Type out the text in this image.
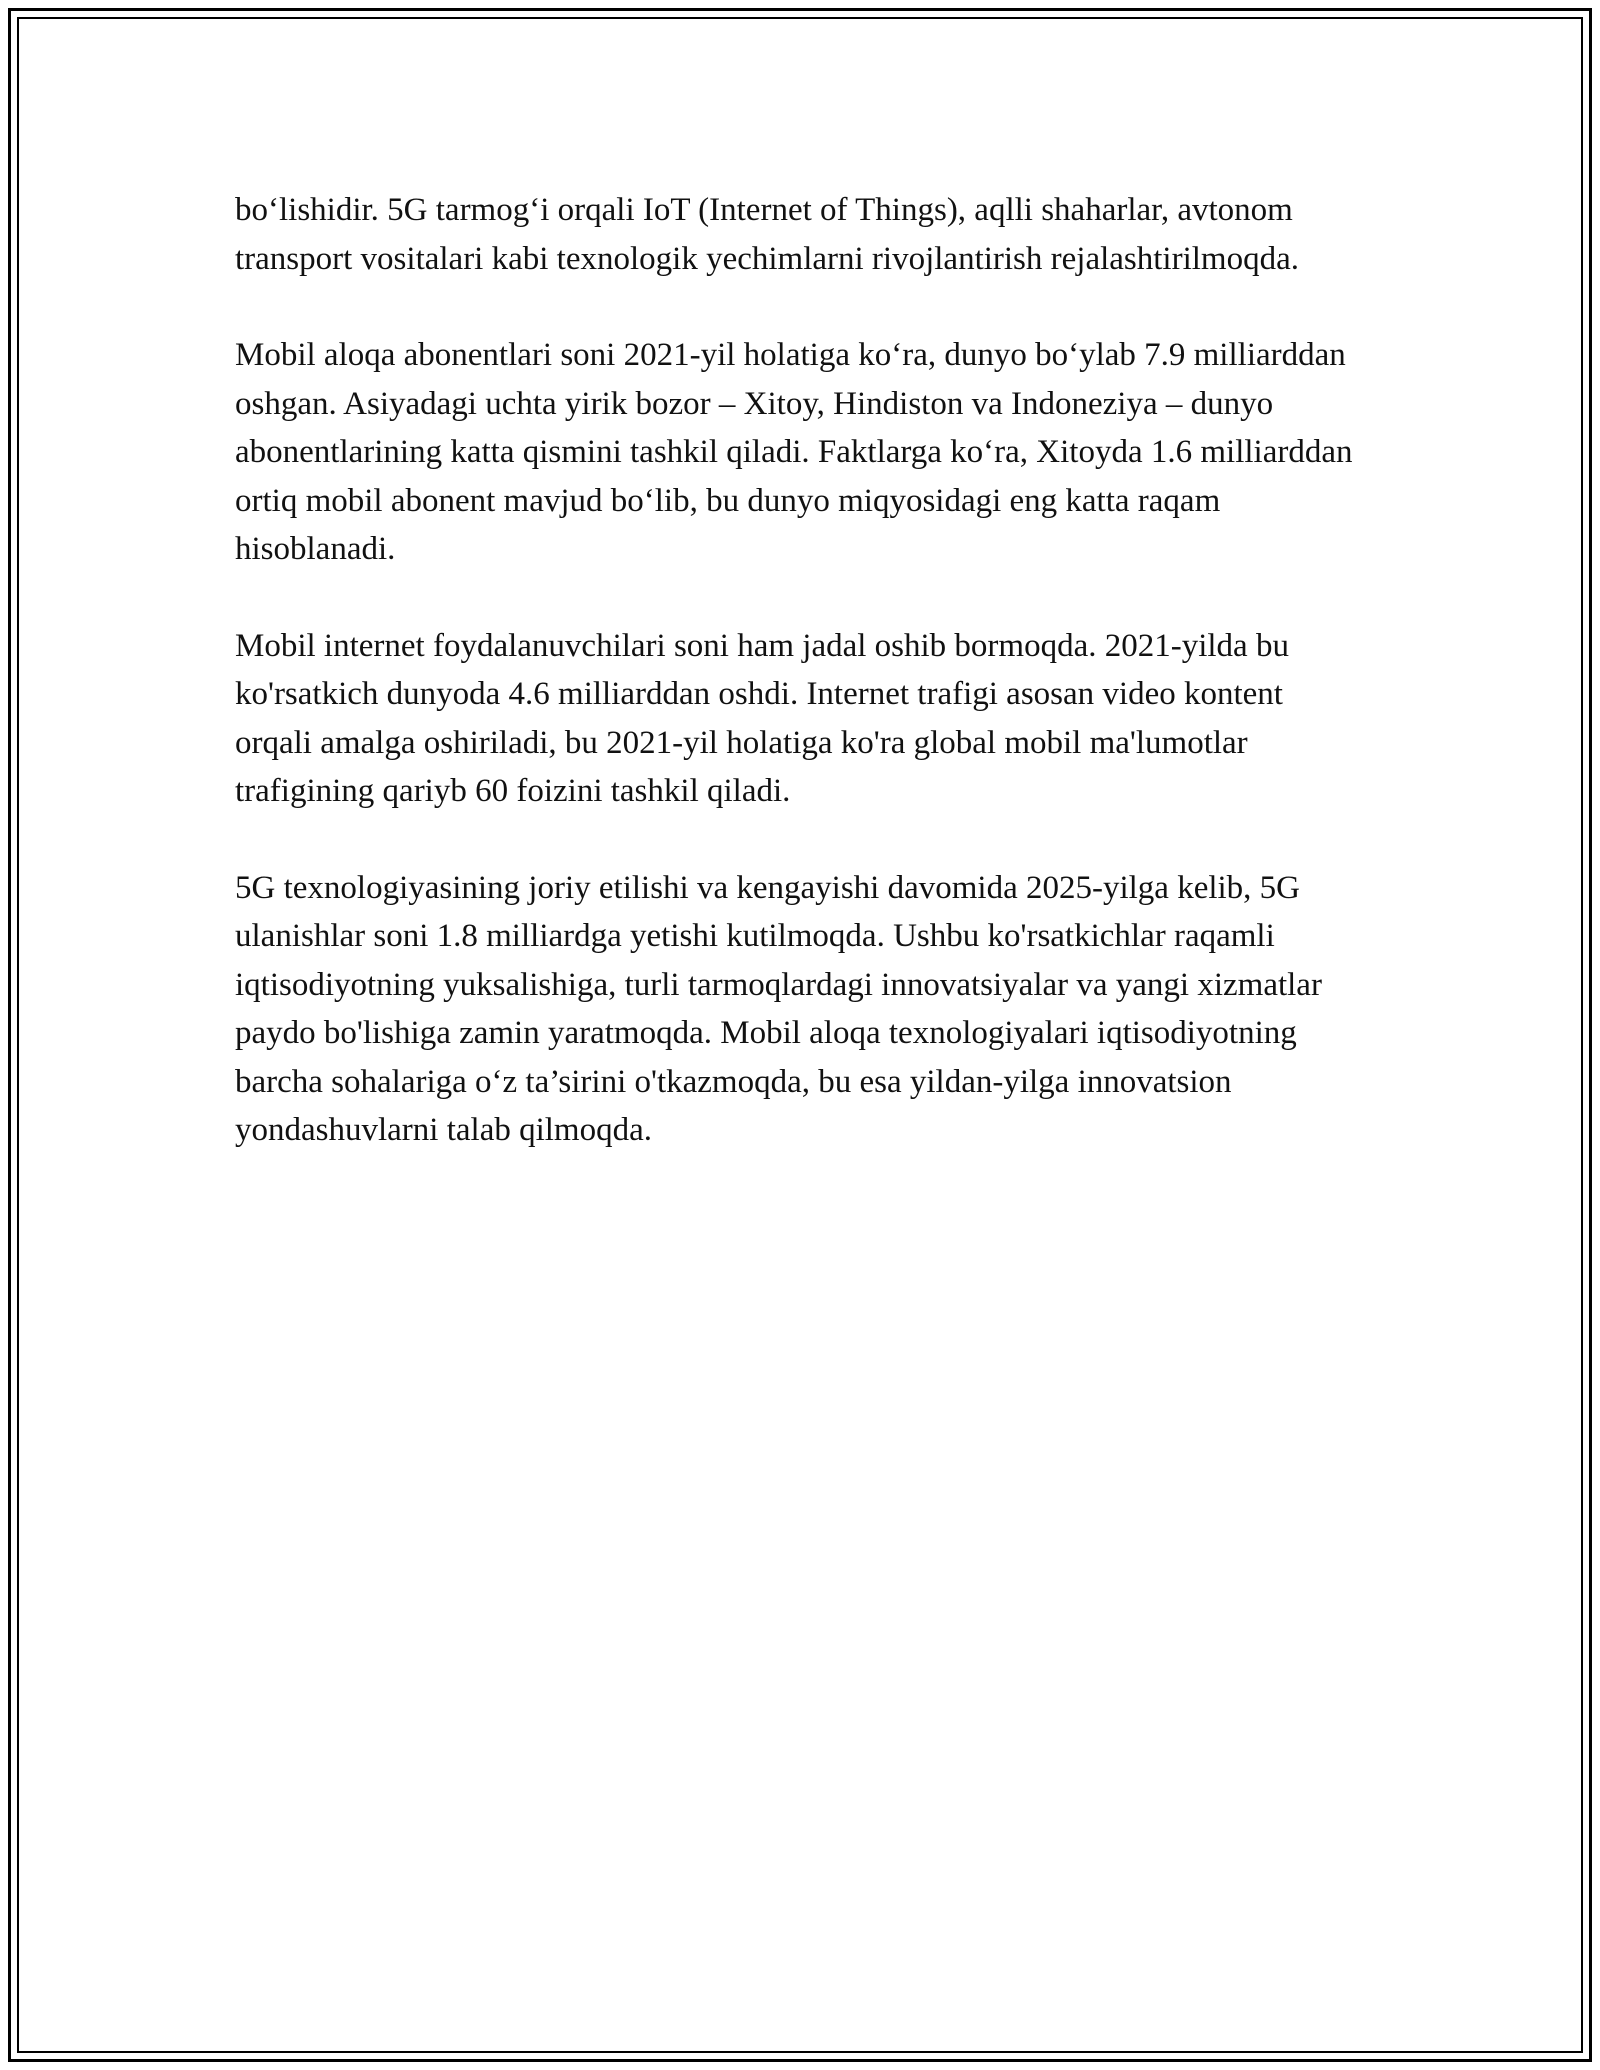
bo‘lishidir. 5G tarmog‘i orqali IoT (Internet of Things), aqlli shaharlar, avtonom transport vositalari kabi texnologik yechimlarni rivojlantirish rejalashtirilmoqda.

Mobil aloqa abonentlari soni 2021-yil holatiga ko‘ra, dunyo bo‘ylab 7.9 milliarddan oshgan. Asiyadagi uchta yirik bozor – Xitoy, Hindiston va Indoneziya – dunyo abonentlarining katta qismini tashkil qiladi. Faktlarga ko‘ra, Xitoyda 1.6 milliarddan ortiq mobil abonent mavjud bo‘lib, bu dunyo miqyosidagi eng katta raqam hisoblanadi.

Mobil internet foydalanuvchilari soni ham jadal oshib bormoqda. 2021-yilda bu ko'rsatkich dunyoda 4.6 milliarddan oshdi. Internet trafigi asosan video kontent orqali amalga oshiriladi, bu 2021-yil holatiga ko'ra global mobil ma'lumotlar trafigining qariyb 60 foizini tashkil qiladi.

5G texnologiyasining joriy etilishi va kengayishi davomida 2025-yilga kelib, 5G ulanishlar soni 1.8 milliardga yetishi kutilmoqda. Ushbu ko'rsatkichlar raqamli iqtisodiyotning yuksalishiga, turli tarmoqlardagi innovatsiyalar va yangi xizmatlar paydo bo'lishiga zamin yaratmoqda. Mobil aloqa texnologiyalari iqtisodiyotning barcha sohalariga o‘z ta’sirini o'tkazmoqda, bu esa yildan-yilga innovatsion yondashuvlarni talab qilmoqda.
